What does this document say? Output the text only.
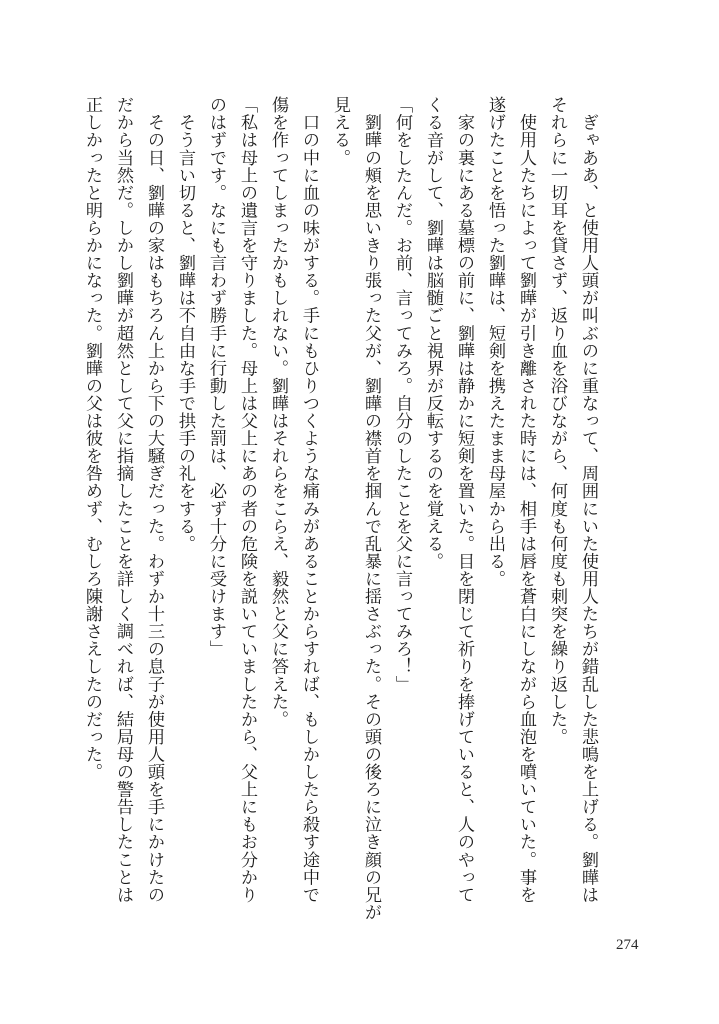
　ぎゃああ、と使用人頭が叫ぶのに重なって、周囲にいた使用人たちが錯乱した悲鳴を上げる。劉曄は

それらに一切耳を貸さず、返り血を浴びながら、何度も何度も刺突を繰り返した。

　使用人たちによって劉曄が引き離された時には、相手は唇を蒼白にしながら血泡を噴いていた。事を

遂げたことを悟った劉曄は、短剣を携えたまま母屋から出る。

　家の裏にある墓標の前に、劉曄は静かに短剣を置いた。目を閉じて祈りを捧げていると、人のやって

くる音がして、劉曄は脳髄ごと視界が反転するのを覚える。

「何をしたんだ。お前、言ってみろ。自分のしたことを父に言ってみろ！」

　劉曄の頰を思いきり張った父が、劉曄の襟首を掴んで乱暴に揺さぶった。その頭の後ろに泣き顔の兄が

見える。

　口の中に血の味がする。手にもひりつくような痛みがあることからすれば、もしかしたら殺す途中で

傷を作ってしまったかもしれない。劉曄はそれらをこらえ、毅然と父に答えた。

「私は母上の遺言を守りました。母上は父上にあの者の危険を説いていましたから、父上にもお分かり

のはずです。なにも言わず勝手に行動した罰は、必ず十分に受けます」

　そう言い切ると、劉曄は不自由な手で拱手の礼をする。

　その日、劉曄の家はもちろん上から下の大騒ぎだった。わずか十三の息子が使用人頭を手にかけたの

だから当然だ。しかし劉曄が超然として父に指摘したことを詳しく調べれば、結局母の警告したことは

正しかったと明らかになった。劉曄の父は彼を咎めず、むしろ陳謝さえしたのだった。

274
